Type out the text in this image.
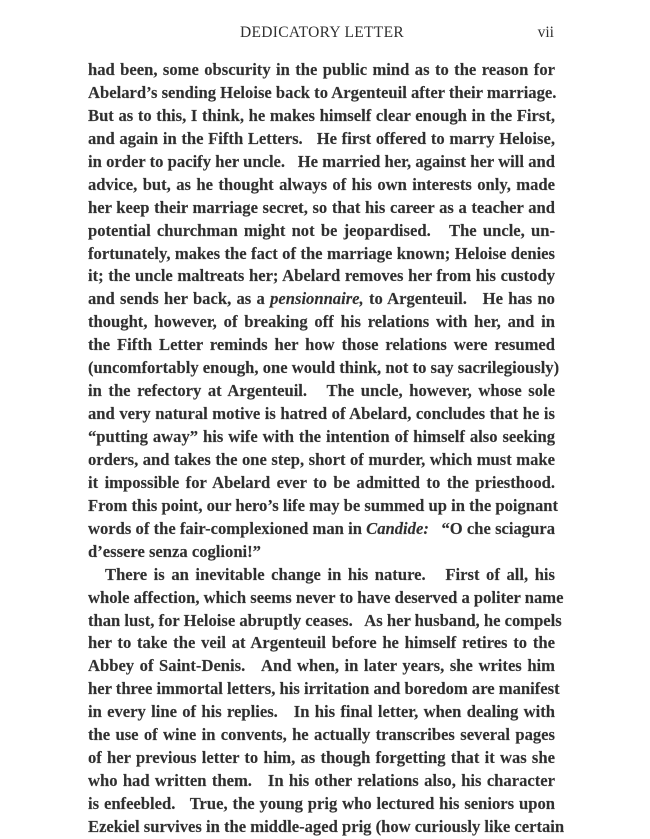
DEDICATORY LETTER	vii
had been, some obscurity in the public mind as to the reason for
Abelard’s sending Heloise back to Argenteuil after their marriage.
But as to this, I think, he makes himself clear enough in the First,
and again in the Fifth Letters.   He first offered to marry Heloise,
in order to pacify her uncle.   He married her, against her will and
advice, but, as he thought always of his own interests only, made
her keep their marriage secret, so that his career as a teacher and
potential churchman might not be jeopardised.   The uncle, un-
fortunately, makes the fact of the marriage known; Heloise denies
it; the uncle maltreats her; Abelard removes her from his custody
and sends her back, as a pensionnaire, to Argenteuil.   He has no
thought, however, of breaking off his relations with her, and in
the Fifth Letter reminds her how those relations were resumed
(uncomfortably enough, one would think, not to say sacrilegiously)
in the refectory at Argenteuil.   The uncle, however, whose sole
and very natural motive is hatred of Abelard, concludes that he is
“putting away” his wife with the intention of himself also seeking
orders, and takes the one step, short of murder, which must make
it impossible for Abelard ever to be admitted to the priesthood.
From this point, our hero’s life may be summed up in the poignant
words of the fair-complexioned man in Candide:   “O che sciagura
d’essere senza coglioni!”
There is an inevitable change in his nature.   First of all, his
whole affection, which seems never to have deserved a politer name
than lust, for Heloise abruptly ceases.   As her husband, he compels
her to take the veil at Argenteuil before he himself retires to the
Abbey of Saint-Denis.   And when, in later years, she writes him
her three immortal letters, his irritation and boredom are manifest
in every line of his replies.   In his final letter, when dealing with
the use of wine in convents, he actually transcribes several pages
of her previous letter to him, as though forgetting that it was she
who had written them.   In his other relations also, his character
is enfeebled.   True, the young prig who lectured his seniors upon
Ezekiel survives in the middle-aged prig (how curiously like certain
